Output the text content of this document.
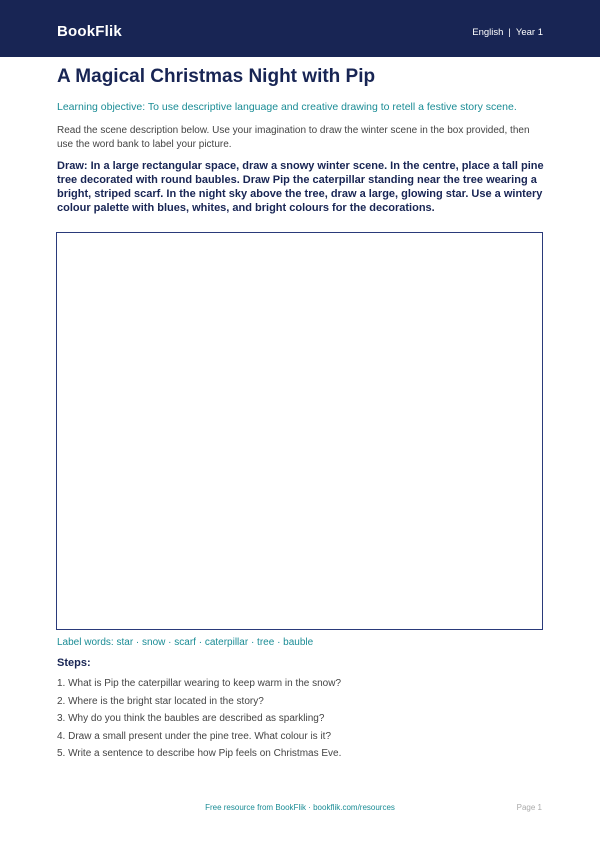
BookFlik	English | Year 1
A Magical Christmas Night with Pip

Learning objective: To use descriptive language and creative drawing to retell a festive story scene.

Read the scene description below. Use your imagination to draw the winter scene in the box provided, then use the word bank to label your picture.

Draw: In a large rectangular space, draw a snowy winter scene. In the centre, place a tall pine tree decorated with round baubles. Draw Pip the caterpillar standing near the tree wearing a bright, striped scarf. In the night sky above the tree, draw a large, glowing star. Use a wintery colour palette with blues, whites, and bright colours for the decorations.

Label words: star · snow · scarf · caterpillar · tree · bauble

Steps:

1. What is Pip the caterpillar wearing to keep warm in the snow?
2. Where is the bright star located in the story?
3. Why do you think the baubles are described as sparkling?
4. Draw a small present under the pine tree. What colour is it?
5. Write a sentence to describe how Pip feels on Christmas Eve.
Free resource from BookFlik · bookflik.com/resources	Page 1
